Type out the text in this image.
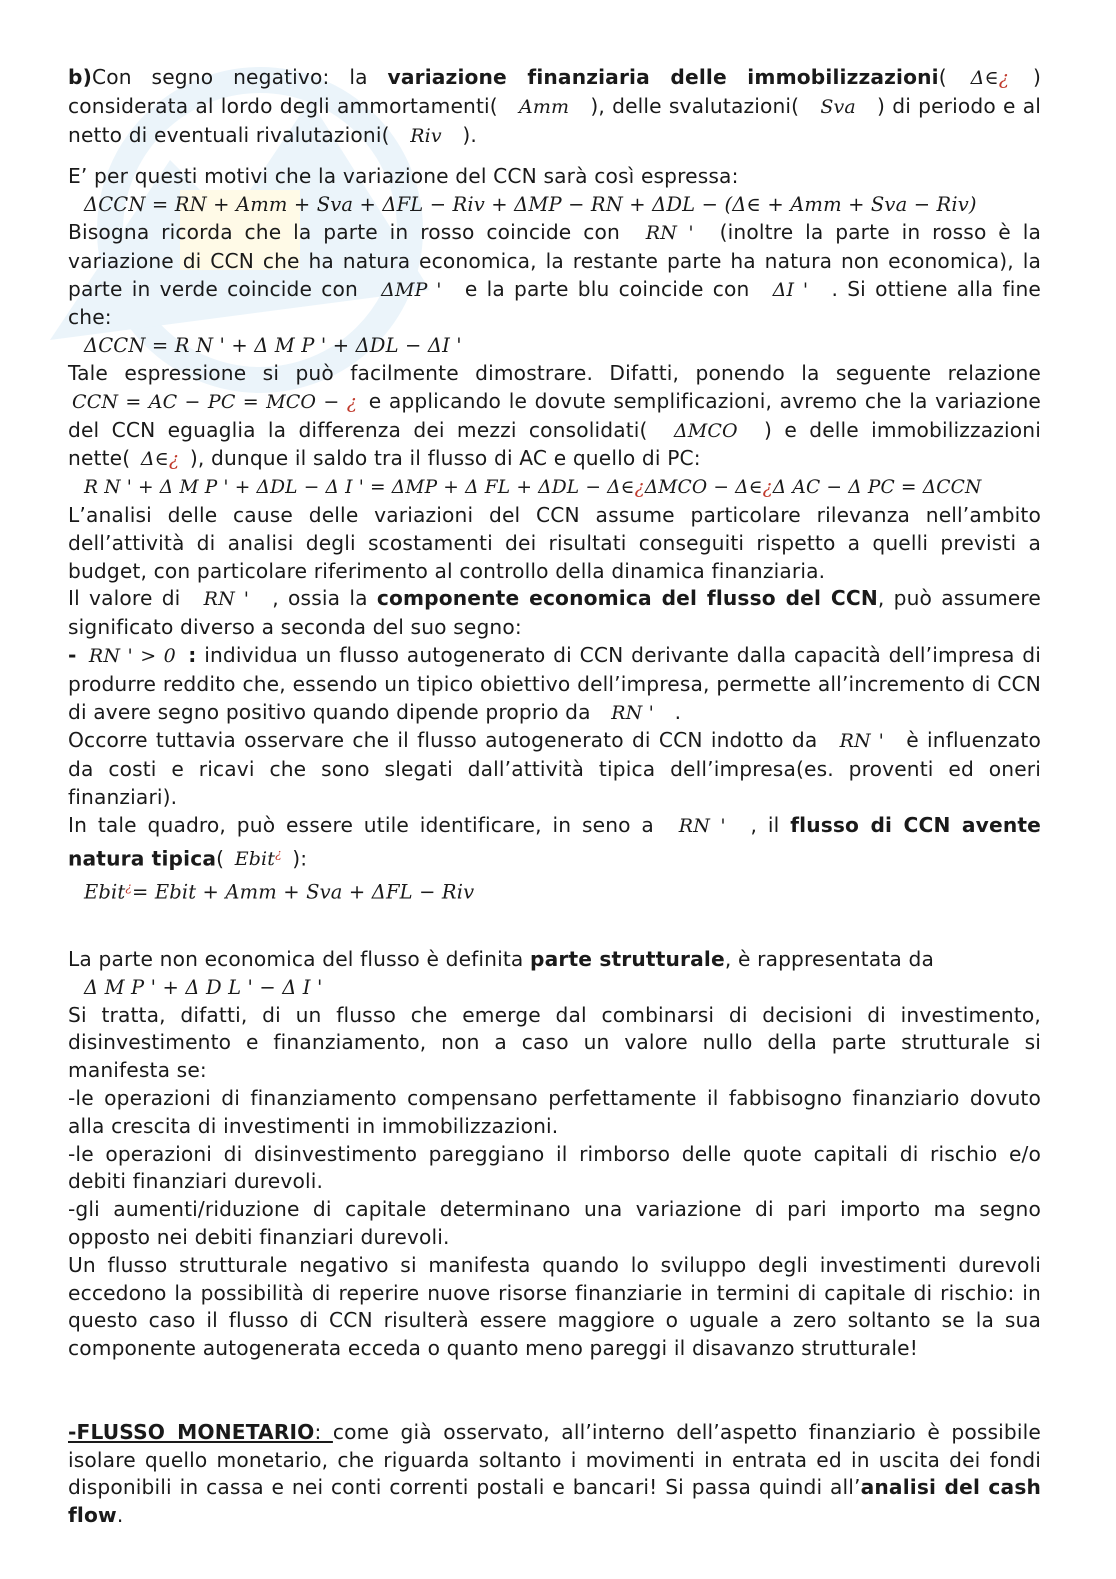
b)Con segno negativo: la variazione finanziaria delle immobilizzazioni( Δ∈¿ ) considerata al lordo degli ammortamenti( Amm ), delle svalutazioni( Sva ) di periodo e al netto di eventuali rivalutazioni( Riv ).

E’ per questi motivi che la variazione del CCN sarà così espressa:

ΔCCN = RN + Amm + Sva + ΔFL − Riv + ΔMP − RN + ΔDL − (Δ∈ + Amm + Sva − Riv)

Bisogna ricorda che la parte in rosso coincide con RN ' (inoltre la parte in rosso è la variazione di CCN che ha natura economica, la restante parte ha natura non economica), la parte in verde coincide con ΔMP ' e la parte blu coincide con ΔI ' . Si ottiene alla fine che:

ΔCCN = R N ' + Δ M P ' + ΔDL − ΔI '

Tale espressione si può facilmente dimostrare. Difatti, ponendo la seguente relazione CCN = AC − PC = MCO − ¿ e applicando le dovute semplificazioni, avremo che la variazione del CCN eguaglia la differenza dei mezzi consolidati( ΔMCO ) e delle immobilizzazioni nette( Δ∈¿ ), dunque il saldo tra il flusso di AC e quello di PC:

R N ' + Δ M P ' + ΔDL − Δ I ' = ΔMP + Δ FL + ΔDL − Δ∈¿ΔMCO − Δ∈¿Δ AC − Δ PC = ΔCCN

L’analisi delle cause delle variazioni del CCN assume particolare rilevanza nell’ambito dell’attività di analisi degli scostamenti dei risultati conseguiti rispetto a quelli previsti a budget, con particolare riferimento al controllo della dinamica finanziaria.

Il valore di RN ' , ossia la componente economica del flusso del CCN, può assumere significato diverso a seconda del suo segno:

- RN ' > 0 : individua un flusso autogenerato di CCN derivante dalla capacità dell’impresa di produrre reddito che, essendo un tipico obiettivo dell’impresa, permette all’incremento di CCN di avere segno positivo quando dipende proprio da RN ' .

Occorre tuttavia osservare che il flusso autogenerato di CCN indotto da RN ' è influenzato da costi e ricavi che sono slegati dall’attività tipica dell’impresa(es. proventi ed oneri finanziari).

In tale quadro, può essere utile identificare, in seno a RN ' , il flusso di CCN avente natura tipica( Ebit¿ ):

Ebit¿= Ebit + Amm + Sva + ΔFL − Riv

La parte non economica del flusso è definita parte strutturale, è rappresentata da

Δ M P ' + Δ D L ' − Δ I '

Si tratta, difatti, di un flusso che emerge dal combinarsi di decisioni di investimento, disinvestimento e finanziamento, non a caso un valore nullo della parte strutturale si manifesta se:

-le operazioni di finanziamento compensano perfettamente il fabbisogno finanziario dovuto alla crescita di investimenti in immobilizzazioni.

-le operazioni di disinvestimento pareggiano il rimborso delle quote capitali di rischio e/o debiti finanziari durevoli.

-gli aumenti/riduzione di capitale determinano una variazione di pari importo ma segno opposto nei debiti finanziari durevoli.

Un flusso strutturale negativo si manifesta quando lo sviluppo degli investimenti durevoli eccedono la possibilità di reperire nuove risorse finanziarie in termini di capitale di rischio: in questo caso il flusso di CCN risulterà essere maggiore o uguale a zero soltanto se la sua componente autogenerata ecceda o quanto meno pareggi il disavanzo strutturale!

-FLUSSO MONETARIO: come già osservato, all’interno dell’aspetto finanziario è possibile isolare quello monetario, che riguarda soltanto i movimenti in entrata ed in uscita dei fondi disponibili in cassa e nei conti correnti postali e bancari! Si passa quindi all’analisi del cash flow.
